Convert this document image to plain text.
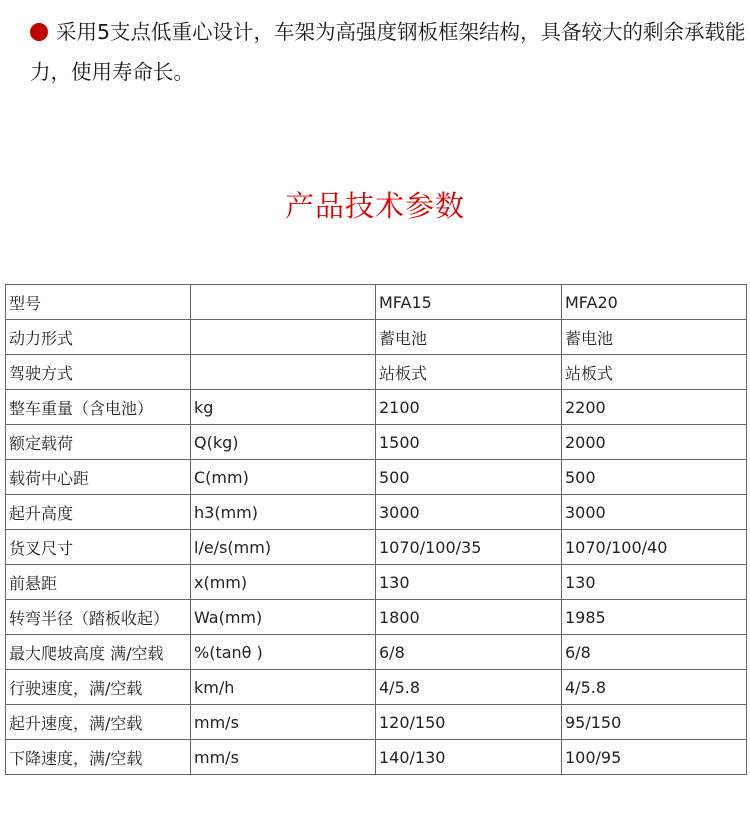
采用5支点低重心设计，车架为高强度钢板框架结构，具备较大的剩余承载能力，使用寿命长。
产品技术参数
型号		MFA15	MFA20
动力形式		蓄电池	蓄电池
驾驶方式		站板式	站板式
整车重量（含电池）	kg	2100	2200
额定载荷	Q(kg)	1500	2000
载荷中心距	C(mm)	500	500
起升高度	h3(mm)	3000	3000
货叉尺寸	l/e/s(mm)	1070/100/35	1070/100/40
前悬距	x(mm)	130	130
转弯半径（踏板收起）	Wa(mm)	1800	1985
最大爬坡高度 满/空载	%(tanθ )	6/8	6/8
行驶速度，满/空载	km/h	4/5.8	4/5.8
起升速度，满/空载	mm/s	120/150	95/150
下降速度，满/空载	mm/s	140/130	100/95
